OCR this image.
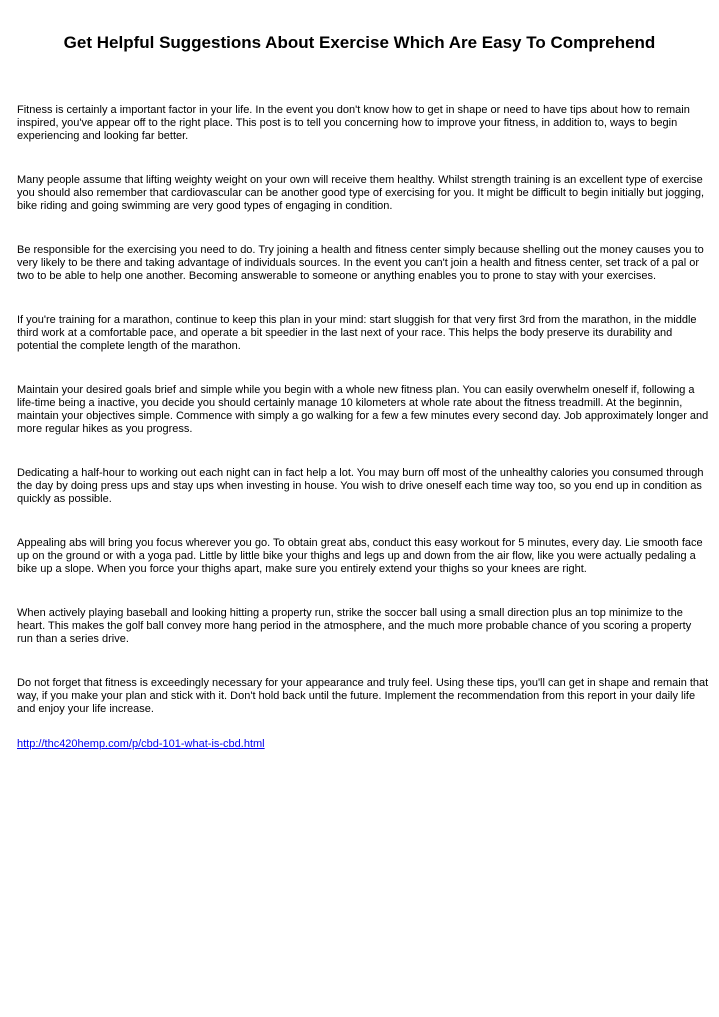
Get Helpful Suggestions About Exercise Which Are Easy To Comprehend

Fitness is certainly a important factor in your life. In the event you don't know how to get in shape or need to have tips about how to remain inspired, you've appear off to the right place. This post is to tell you concerning how to improve your fitness, in addition to, ways to begin experiencing and looking far better.

Many people assume that lifting weighty weight on your own will receive them healthy. Whilst strength training is an excellent type of exercise you should also remember that cardiovascular can be another good type of exercising for you. It might be difficult to begin initially but jogging, bike riding and going swimming are very good types of engaging in condition.

Be responsible for the exercising you need to do. Try joining a health and fitness center simply because shelling out the money causes you to very likely to be there and taking advantage of individuals sources. In the event you can't join a health and fitness center, set track of a pal or two to be able to help one another. Becoming answerable to someone or anything enables you to prone to stay with your exercises.

If you're training for a marathon, continue to keep this plan in your mind: start sluggish for that very first 3rd from the marathon, in the middle third work at a comfortable pace, and operate a bit speedier in the last next of your race. This helps the body preserve its durability and potential the complete length of the marathon.

Maintain your desired goals brief and simple while you begin with a whole new fitness plan. You can easily overwhelm oneself if, following a life-time being a inactive, you decide you should certainly manage 10 kilometers at whole rate about the fitness treadmill. At the beginnin, maintain your objectives simple. Commence with simply a go walking for a few a few minutes every second day. Job approximately longer and more regular hikes as you progress.

Dedicating a half-hour to working out each night can in fact help a lot. You may burn off most of the unhealthy calories you consumed through the day by doing press ups and stay ups when investing in house. You wish to drive oneself each time way too, so you end up in condition as quickly as possible.

Appealing abs will bring you focus wherever you go. To obtain great abs, conduct this easy workout for 5 minutes, every day. Lie smooth face up on the ground or with a yoga pad. Little by little bike your thighs and legs up and down from the air flow, like you were actually pedaling a bike up a slope. When you force your thighs apart, make sure you entirely extend your thighs so your knees are right.

When actively playing baseball and looking hitting a property run, strike the soccer ball using a small direction plus an top minimize to the heart. This makes the golf ball convey more hang period in the atmosphere, and the much more probable chance of you scoring a property run than a series drive.

Do not forget that fitness is exceedingly necessary for your appearance and truly feel. Using these tips, you'll can get in shape and remain that way, if you make your plan and stick with it. Don't hold back until the future. Implement the recommendation from this report in your daily life and enjoy your life increase.

http://thc420hemp.com/p/cbd-101-what-is-cbd.html
